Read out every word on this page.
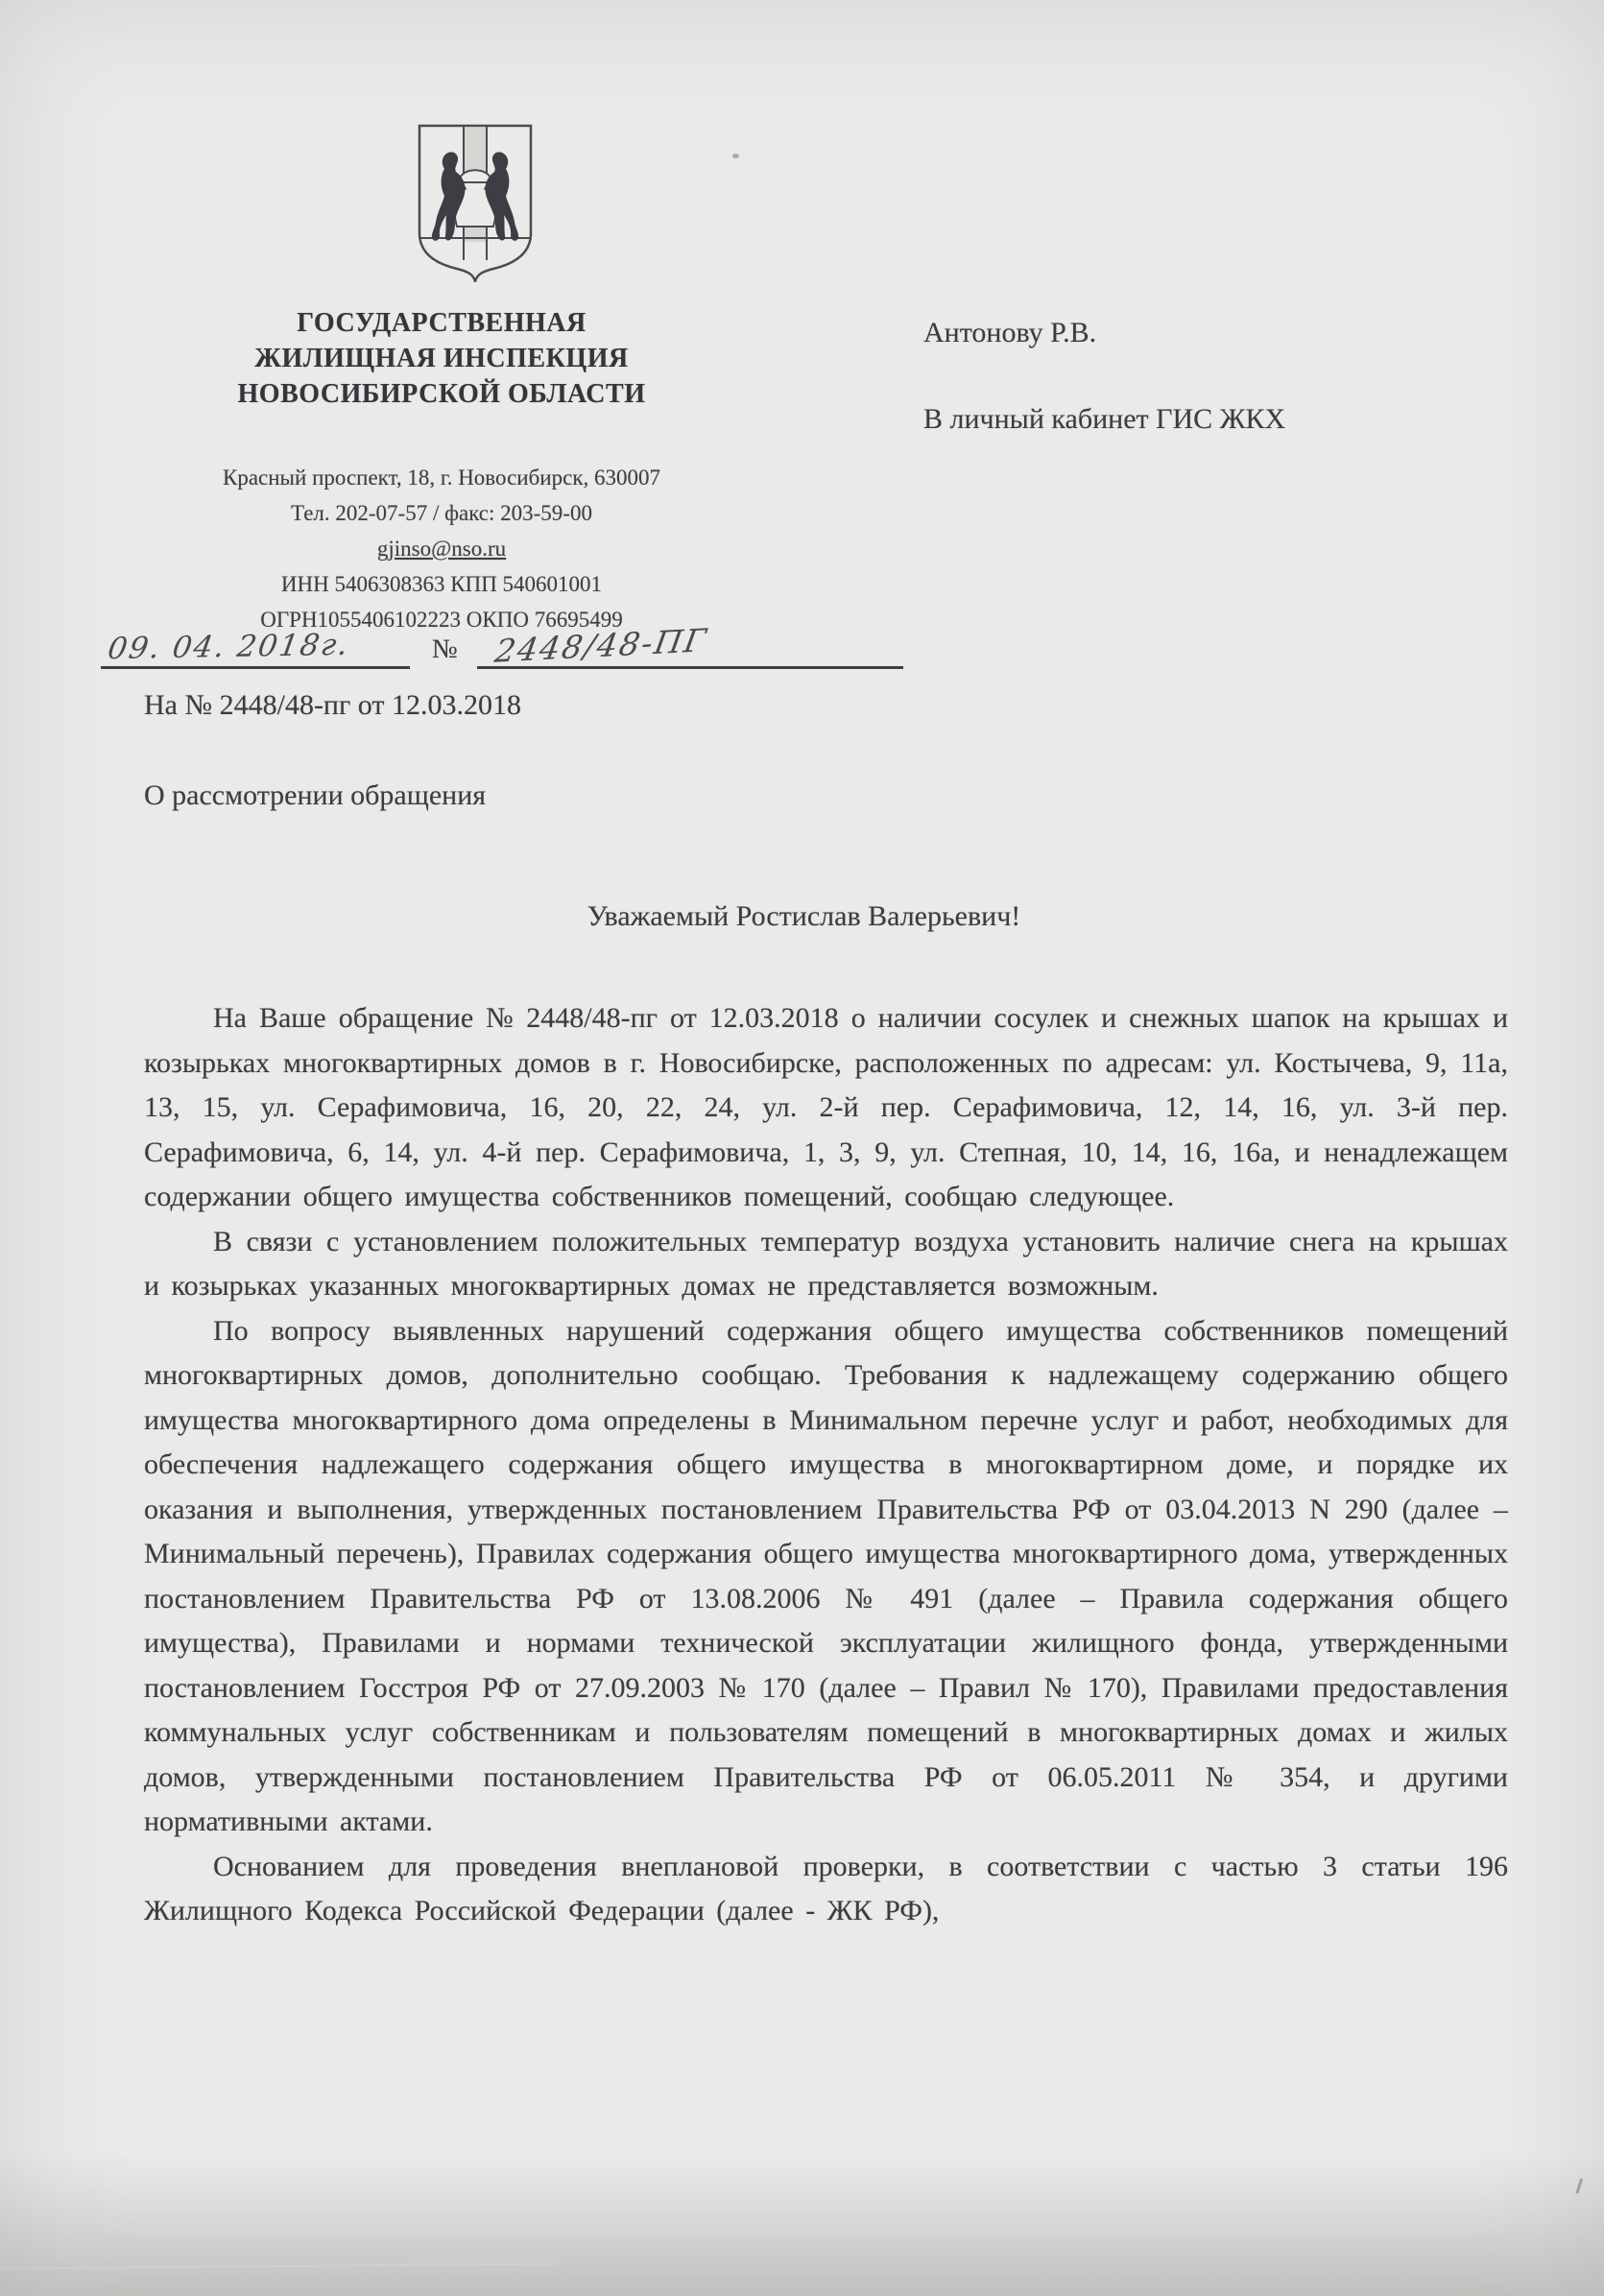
ГОСУДАРСТВЕННАЯ
ЖИЛИЩНАЯ ИНСПЕКЦИЯ
НОВОСИБИРСКОЙ ОБЛАСТИ
Красный проспект, 18, г. Новосибирск, 630007
Тел. 202-07-57 / факс: 203-59-00
gjinso@nso.ru
ИНН 5406308363 КПП 540601001
ОГРН1055406102223 ОКПО 76695499
09. 04. 2018г.	№	2448/48-ПГ
На № 2448/48-пг от 12.03.2018
О рассмотрении обращения

Антонову Р.В.

В личный кабинет ГИС ЖКХ

Уважаемый Ростислав Валерьевич!

На Ваше обращение № 2448/48-пг от 12.03.2018 о наличии сосулек и снежных шапок на крышах и козырьках многоквартирных домов в г. Новосибирске, расположенных по адресам: ул. Костычева, 9, 11а, 13, 15, ул. Серафимовича, 16, 20, 22, 24, ул. 2-й пер. Серафимовича, 12, 14, 16, ул. 3-й пер. Серафимовича, 6, 14, ул. 4-й пер. Серафимовича, 1, 3, 9, ул. Степная, 10, 14, 16, 16а, и ненадлежащем содержании общего имущества собственников помещений, сообщаю следующее.

В связи с установлением положительных температур воздуха установить наличие снега на крышах и козырьках указанных многоквартирных домах не представляется возможным.

По вопросу выявленных нарушений содержания общего имущества собственников помещений многоквартирных домов, дополнительно сообщаю. Требования к надлежащему содержанию общего имущества многоквартирного дома определены в Минимальном перечне услуг и работ, необходимых для обеспечения надлежащего содержания общего имущества в многоквартирном доме, и порядке их оказания и выполнения, утвержденных постановлением Правительства РФ от 03.04.2013 N 290 (далее – Минимальный перечень), Правилах содержания общего имущества многоквартирного дома, утвержденных постановлением Правительства РФ от 13.08.2006 № 491 (далее – Правила содержания общего имущества), Правилами и нормами технической эксплуатации жилищного фонда, утвержденными постановлением Госстроя РФ от 27.09.2003 № 170 (далее – Правил № 170), Правилами предоставления коммунальных услуг собственникам и пользователям помещений в многоквартирных домах и жилых домов, утвержденными постановлением Правительства РФ от 06.05.2011 № 354, и другими нормативными актами.

Основанием для проведения внеплановой проверки, в соответствии с частью 3 статьи 196 Жилищного Кодекса Российской Федерации (далее - ЖК РФ),
